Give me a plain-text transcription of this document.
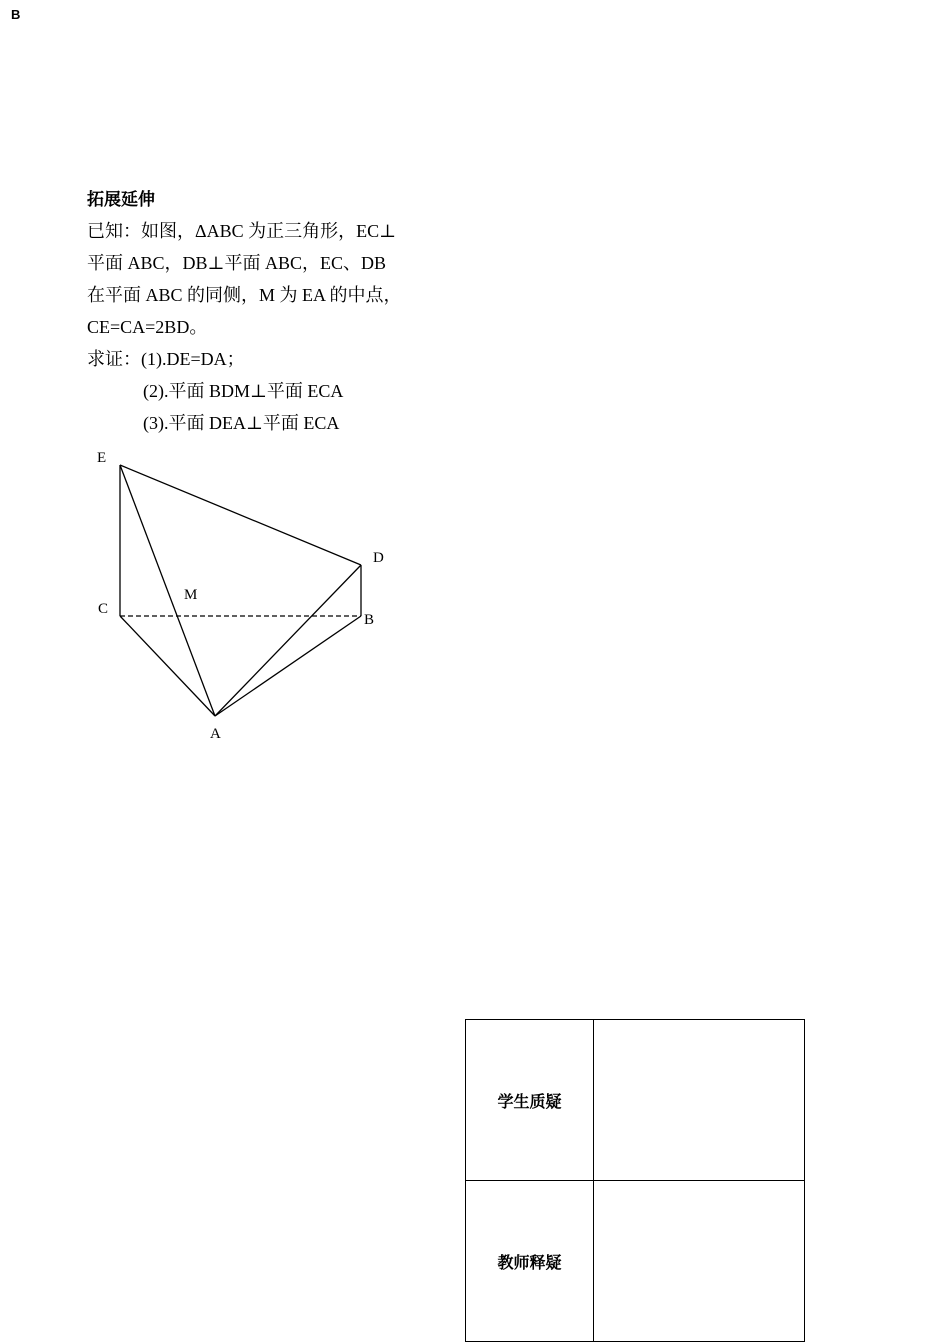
B
拓展延伸
已知：如图，ΔABC 为正三角形，EC⊥
平面 ABC，DB⊥平面 ABC，EC、DB
在平面 ABC 的同侧，M 为 EA 的中点，
CE=CA=2BD。
求证：(1).DE=DA；
(2).平面 BDM⊥平面 ECA
(3).平面 DEA⊥平面 ECA
E
D
M
C
B
A
学生质疑	
教师释疑	
